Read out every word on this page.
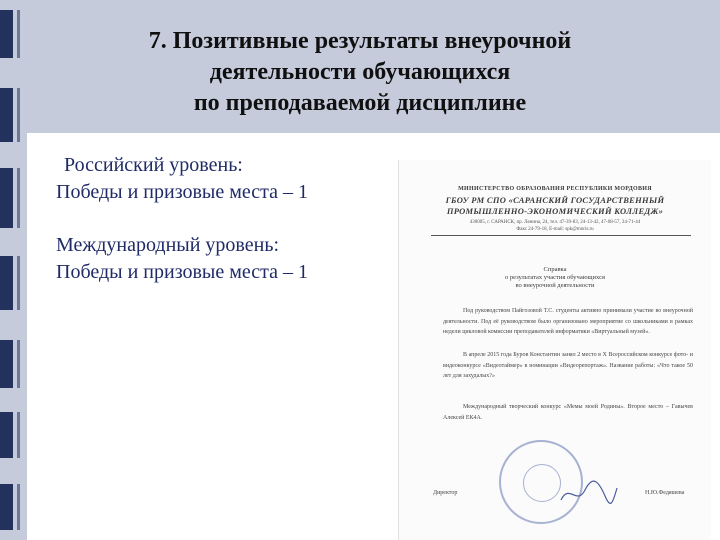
7. Позитивные результаты внеурочной
деятельности обучающихся
по преподаваемой дисциплине
Российский уровень:
Победы и призовые места – 1
Международный уровень:
Победы и призовые места – 1
МИНИСТЕРСТВО ОБРАЗОВАНИЯ РЕСПУБЛИКИ МОРДОВИЯ
ГБОУ РМ СПО «САРАНСКИЙ ГОСУДАРСТВЕННЫЙ
ПРОМЫШЛЕННО-ЭКОНОМИЧЕСКИЙ КОЛЛЕДЖ»
430005, г. САРАНСК, пр. Ленина, 24, тел. 47-39-83, 24-13-42, 47-08-57, 24-71-44
Факс 24-79-18, E-mail: spk@moris.ru
Справка
о результатах участия обучающихся
во внеурочной деятельности
Под руководством Пайгозовой Т.С. студенты активно принимали участие во внеурочной деятельности. Под её руководством было организовано мероприятие со школьниками в рамках недели цикловой комиссии преподавателей информатики «Виртуальный музей».
В апреле 2015 года Буров Константин занял 2 место в X Всероссийском конкурсе фото- и видеоконкурсе «Видеотаймер» в номинации «Видеорепортаж». Название работы: «Что такое 50 лет для захудалых?»
Международный творческий конкурс «Мемы моей Родины». Второе место – Гавычев Алексей ЕК4А.
Директор	Н.Ю.Федяшева
